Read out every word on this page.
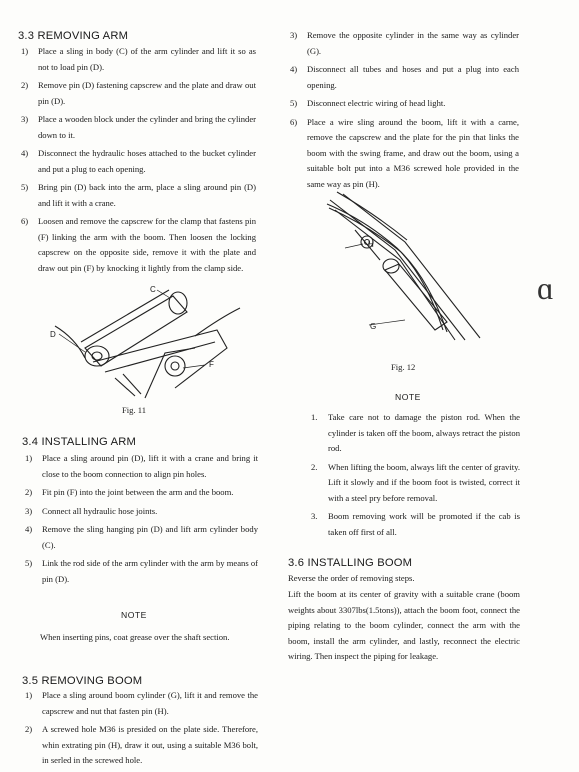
3.3 REMOVING ARM
1) Place a sling in body (C) of the arm cylinder and lift it so as not to load pin (D).
2) Remove pin (D) fastening capscrew and the plate and draw out pin (D).
3) Place a wooden block under the cylinder and bring the cylinder down to it.
4) Disconnect the hydraulic hoses attached to the bucket cylinder and put a plug to each opening.
5) Bring pin (D) back into the arm, place a sling around pin (D) and lift it with a crane.
6) Loosen and remove the capscrew for the clamp that fastens pin (F) linking the arm with the boom. Then loosen the locking capscrew on the opposite side, remove it with the plate and draw out pin (F) by knocking it lightly from the clamp side.
C
D
F
Fig. 11
3.4 INSTALLING ARM
1) Place a sling around pin (D), lift it with a crane and bring it close to the boom connection to align pin holes.
2) Fit pin (F) into the joint between the arm and the boom.
3) Connect all hydraulic hose joints.
4) Remove the sling hanging pin (D) and lift arm cylinder body (C).
5) Link the rod side of the arm cylinder with the arm by means of pin (D).
NOTE
When inserting pins, coat grease over the shaft section.
3.5 REMOVING BOOM
1) Place a sling around boom cylinder (G), lift it and remove the capscrew and nut that fasten pin (H).
2) A screwed hole M36 is presided on the plate side. Therefore, whin extrating pin (H), draw it out, using a suitable M36 bolt, in serled in the screwed hole.
3) Remove the opposite cylinder in the same way as cylinder (G).
4) Disconnect all tubes and hoses and put a plug into each opening.
5) Disconnect electric wiring of head light.
6) Place a wire sling around the boom, lift it with a carne, remove the capscrew and the plate for the pin that links the boom with the swing frame, and draw out the boom, using a suitable bolt put into a M36 screwed hole provided in the same way as pin (H).
H
G
Fig. 12
NOTE
1. Take care not to damage the piston rod. When the cylinder is taken off the boom, always retract the piston rod.
2. When lifting the boom, always lift the center of gravity. Lift it slowly and if the boom foot is twisted, correct it with a steel pry before removal.
3. Boom removing work will be promoted if the cab is taken off first of all.
3.6 INSTALLING BOOM
Reverse the order of removing steps.
Lift the boom at its center of gravity with a suitable crane (boom weights about 3307lbs(1.5tons)), attach the boom foot, connect the piping relating to the boom cylinder, connect the arm with the boom, install the arm cylinder, and lastly, reconnect the electric wiring. Then inspect the piping for leakage.
ɑ
